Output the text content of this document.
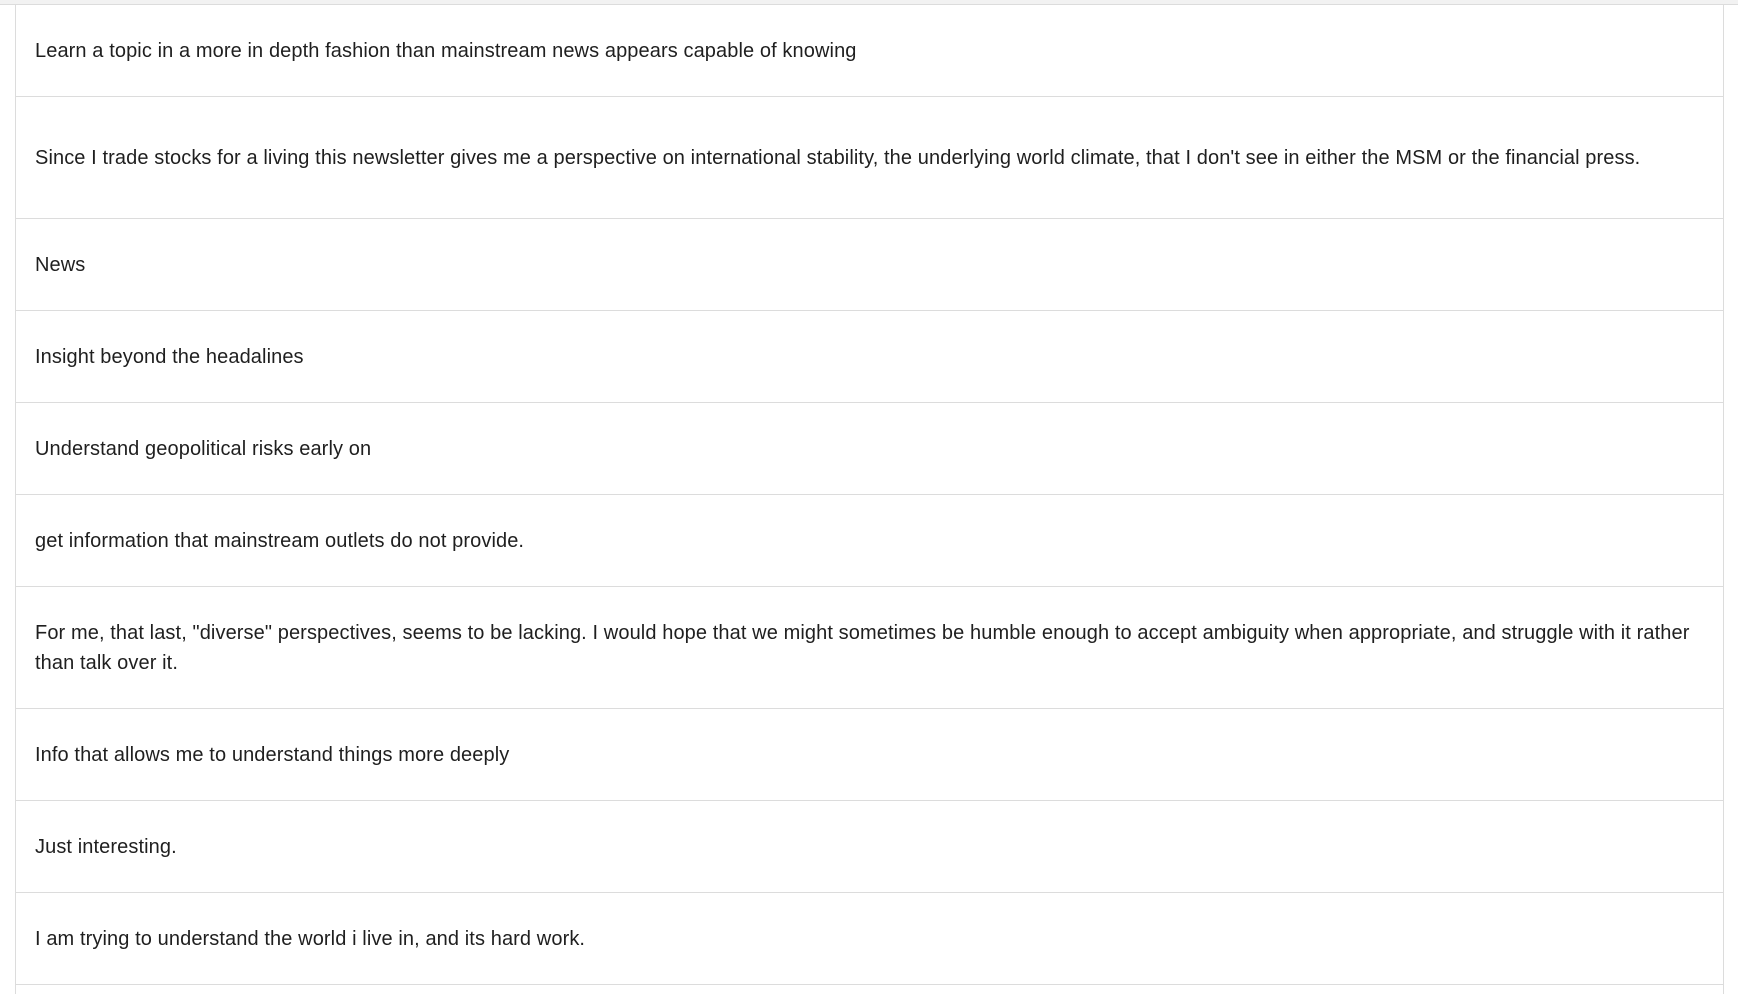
Learn a topic in a more in depth fashion than mainstream news appears capable of knowing
Since I trade stocks for a living this newsletter gives me a perspective on international stability, the underlying world climate, that I don't see in either the MSM or the financial press.
News
Insight beyond the headalines
Understand geopolitical risks early on
get information that mainstream outlets do not provide.
For me, that last, "diverse" perspectives, seems to be lacking. I would hope that we might sometimes be humble enough to accept ambiguity when appropriate, and struggle with it rather than talk over it.
Info that allows me to understand things more deeply
Just interesting.
I am trying to understand the world i live in, and its hard work.
